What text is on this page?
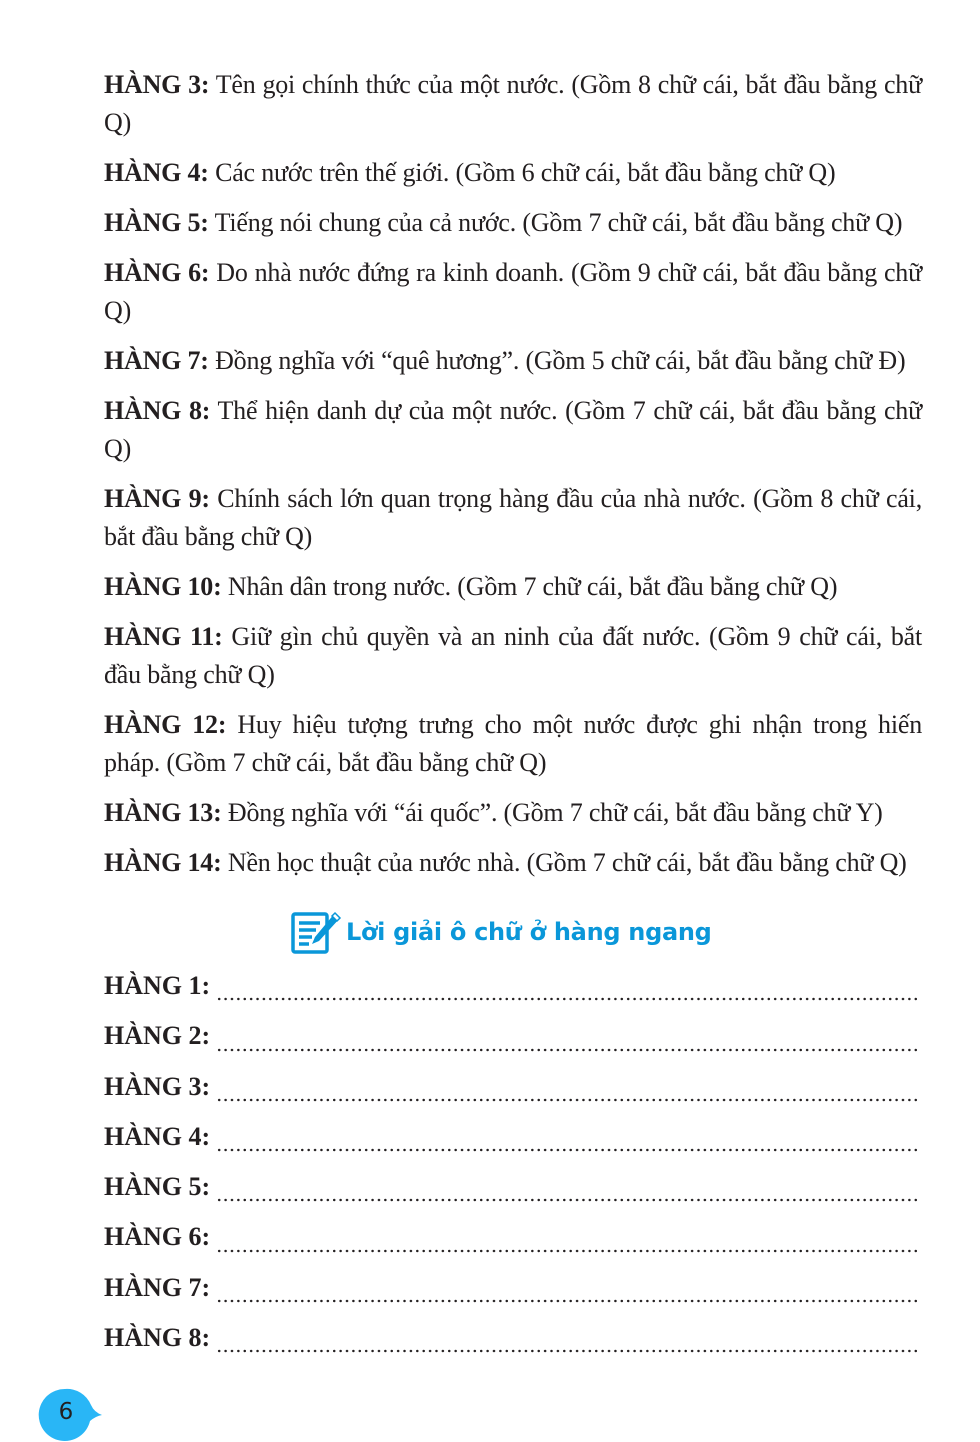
HÀNG 3: Tên gọi chính thức của một nước. (Gồm 8 chữ cái, bắt đầu bằng chữ Q)

HÀNG 4: Các nước trên thế giới. (Gồm 6 chữ cái, bắt đầu bằng chữ Q)

HÀNG 5: Tiếng nói chung của cả nước. (Gồm 7 chữ cái, bắt đầu bằng chữ Q)

HÀNG 6: Do nhà nước đứng ra kinh doanh. (Gồm 9 chữ cái, bắt đầu bằng chữ Q)

HÀNG 7: Đồng nghĩa với “quê hương”. (Gồm 5 chữ cái, bắt đầu bằng chữ Đ)

HÀNG 8: Thể hiện danh dự của một nước. (Gồm 7 chữ cái, bắt đầu bằng chữ Q)

HÀNG 9: Chính sách lớn quan trọng hàng đầu của nhà nước. (Gồm 8 chữ cái, bắt đầu bằng chữ Q)

HÀNG 10: Nhân dân trong nước. (Gồm 7 chữ cái, bắt đầu bằng chữ Q)

HÀNG 11: Giữ gìn chủ quyền và an ninh của đất nước. (Gồm 9 chữ cái, bắt đầu bằng chữ Q)

HÀNG 12: Huy hiệu tượng trưng cho một nước được ghi nhận trong hiến pháp. (Gồm 7 chữ cái, bắt đầu bằng chữ Q)

HÀNG 13: Đồng nghĩa với “ái quốc”. (Gồm 7 chữ cái, bắt đầu bằng chữ Y)

HÀNG 14: Nền học thuật của nước nhà. (Gồm 7 chữ cái, bắt đầu bằng chữ Q)

Lời giải ô chữ ở hàng ngang
HÀNG 1:
HÀNG 2:
HÀNG 3:
HÀNG 4:
HÀNG 5:
HÀNG 6:
HÀNG 7:
HÀNG 8:
6
